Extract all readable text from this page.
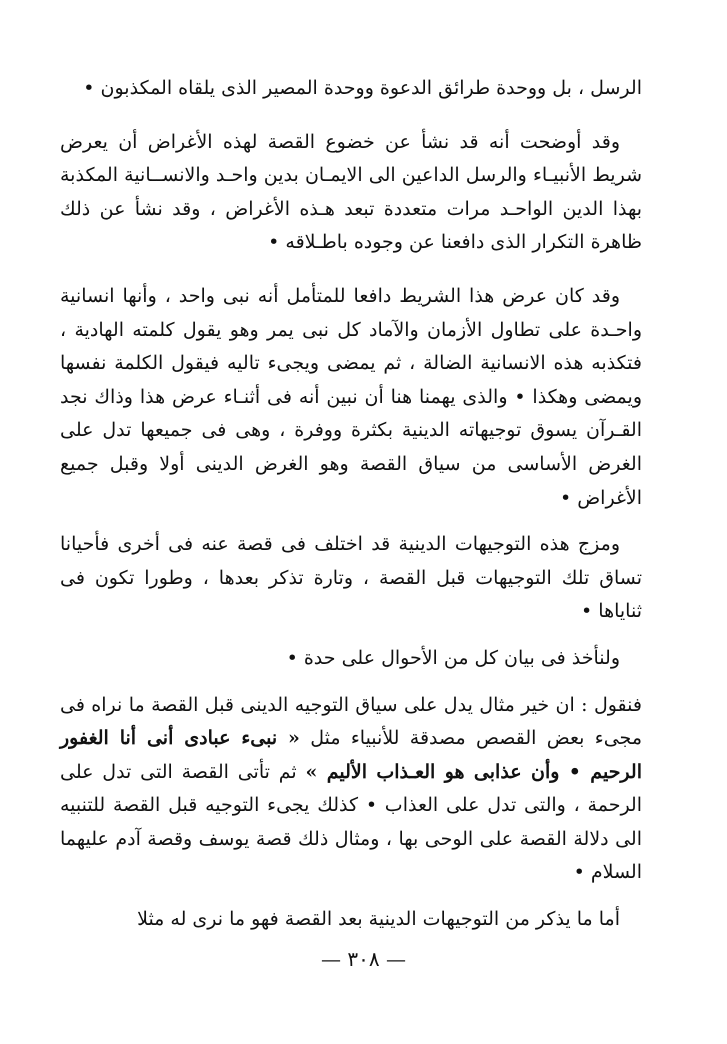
الرسل ، بل ووحدة طرائق الدعوة ووحدة المصير الذى يلقاه المكذبون •

وقد أوضحت أنه قد نشأ عن خضوع القصة لهذه الأغراض أن يعرض شريط الأنبيـاء والرسل الداعين الى الايمـان بدين واحـد والانســانية المكذبة بهذا الدين الواحـد مرات متعددة تبعد هـذه الأغراض ، وقد نشأ عن ذلك ظاهرة التكرار الذى دافعنا عن وجوده باطـلاقه •

وقد كان عرض هذا الشريط دافعا للمتأمل أنه نبى واحد ، وأنها انسانية واحـدة على تطاول الأزمان والآماد كل نبى يمر وهو يقول كلمته الهادية ، فتكذبه هذه الانسانية الضالة ، ثم يمضى ويجىء تاليه فيقول الكلمة نفسها ويمضى وهكذا • والذى يهمنا هنا أن نبين أنه فى أثنـاء عرض هذا وذاك نجد القـرآن يسوق توجيهاته الدينية بكثرة ووفرة ، وهى فى جميعها تدل على الغرض الأساسى من سياق القصة وهو الغرض الدينى أولا وقبل جميع الأغراض •

ومزج هذه التوجيهات الدينية قد اختلف فى قصة عنه فى أخرى فأحيانا تساق تلك التوجيهات قبل القصة ، وتارة تذكر بعدها ، وطورا تكون فى ثناياها •

ولنأخذ فى بيان كل من الأحوال على حدة •

فنقول : ان خير مثال يدل على سياق التوجيه الدينى قبل القصة ما نراه فى مجىء بعض القصص مصدقة للأنبياء مثل « نبىء عبادى أنى أنا الغفور الرحيم • وأن عذابى هو العـذاب الأليم » ثم تأتى القصة التى تدل على الرحمة ، والتى تدل على العذاب • كذلك يجىء التوجيه قبل القصة للتنبيه الى دلالة القصة على الوحى بها ، ومثال ذلك قصة يوسف وقصة آدم عليهما السلام •

أما ما يذكر من التوجيهات الدينية بعد القصة فهو ما نرى له مثلا

— ٣٠٨ —
